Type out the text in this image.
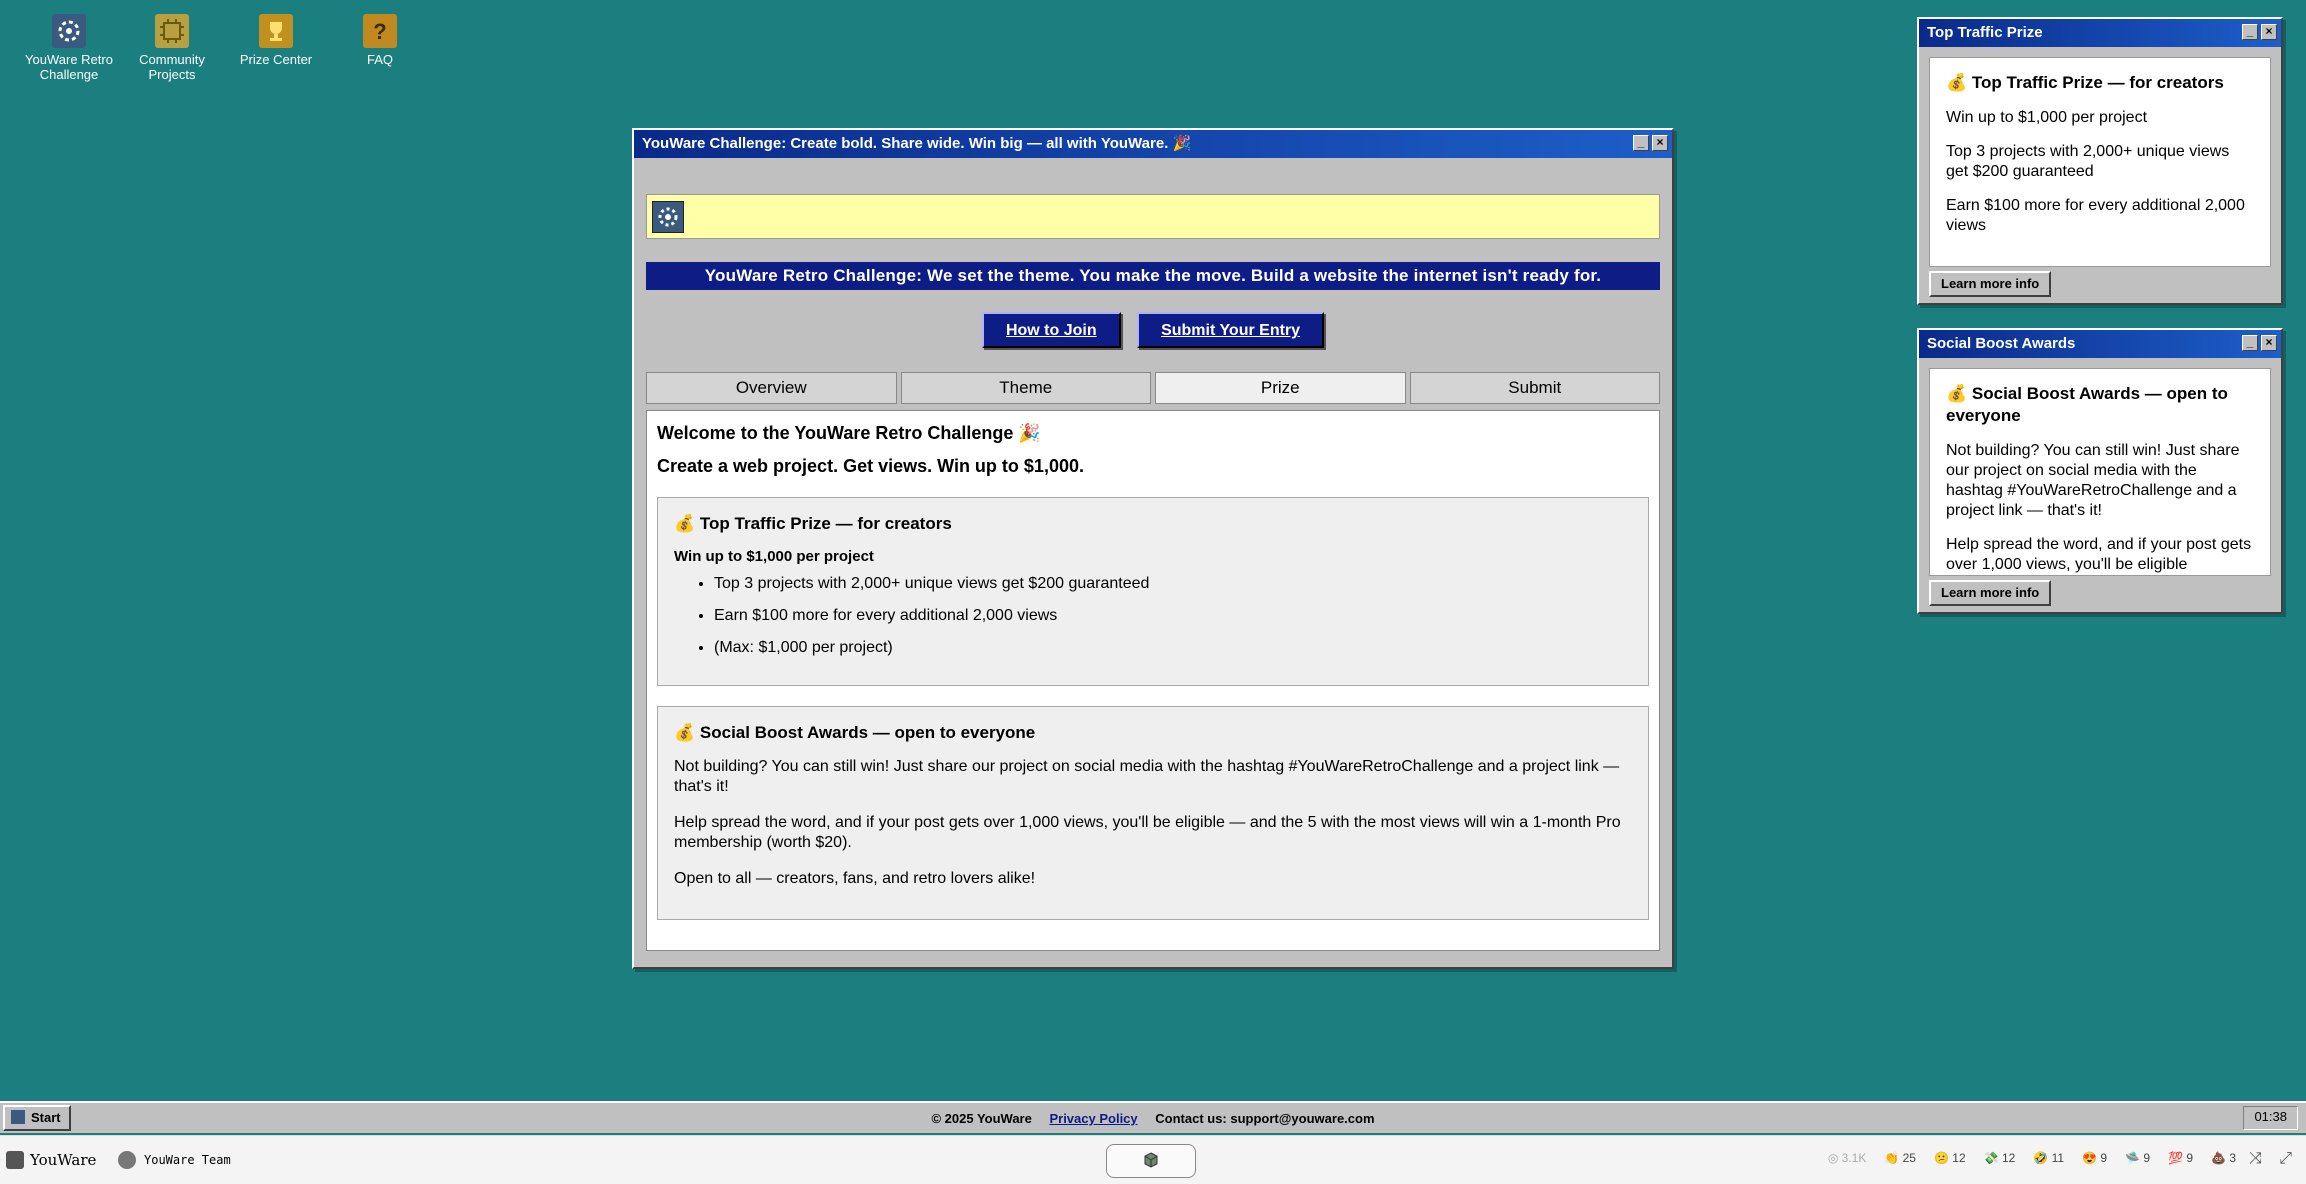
YouWare Retro Challenge
Community Projects
Prize Center
?
FAQ
YouWare Challenge: Create bold. Share wide. Win big — all with YouWare. 🎉	_	×
YouWare Retro Challenge: We set the theme. You make the move. Build a website the internet isn't ready for.
How to Join	Submit Your Entry
Overview	Theme	Prize	Submit
Welcome to the YouWare Retro Challenge 🎉
Create a web project. Get views. Win up to $1,000.
💰 Top Traffic Prize — for creators
Win up to $1,000 per project
• Top 3 projects with 2,000+ unique views get $200 guaranteed
• Earn $100 more for every additional 2,000 views
• (Max: $1,000 per project)
💰 Social Boost Awards — open to everyone

Not building? You can still win! Just share our project on social media with the hashtag #YouWareRetroChallenge and a project link — that's it!

Help spread the word, and if your post gets over 1,000 views, you'll be eligible — and the 5 with the most views will win a 1-month Pro membership (worth $20).

Open to all — creators, fans, and retro lovers alike!

Top Traffic Prize	_	×
💰 Top Traffic Prize — for creators

Win up to $1,000 per project

Top 3 projects with 2,000+ unique views get $200 guaranteed

Earn $100 more for every additional 2,000 views

Learn more info
Social Boost Awards	_	×
💰 Social Boost Awards — open to everyone

Not building? You can still win! Just share our project on social media with the hashtag #YouWareRetroChallenge and a project link — that's it!

Help spread the word, and if your post gets over 1,000 views, you'll be eligible

Learn more info
Start	© 2025 YouWare Privacy Policy Contact us: support@youware.com	01:38
YouWare	YouWare Team	◎ 3.1K 👏 25 😕 12 💸 12 🤣 11 😍 9 🛸 9 💯 9 💩 3 ⤨ ⤢
